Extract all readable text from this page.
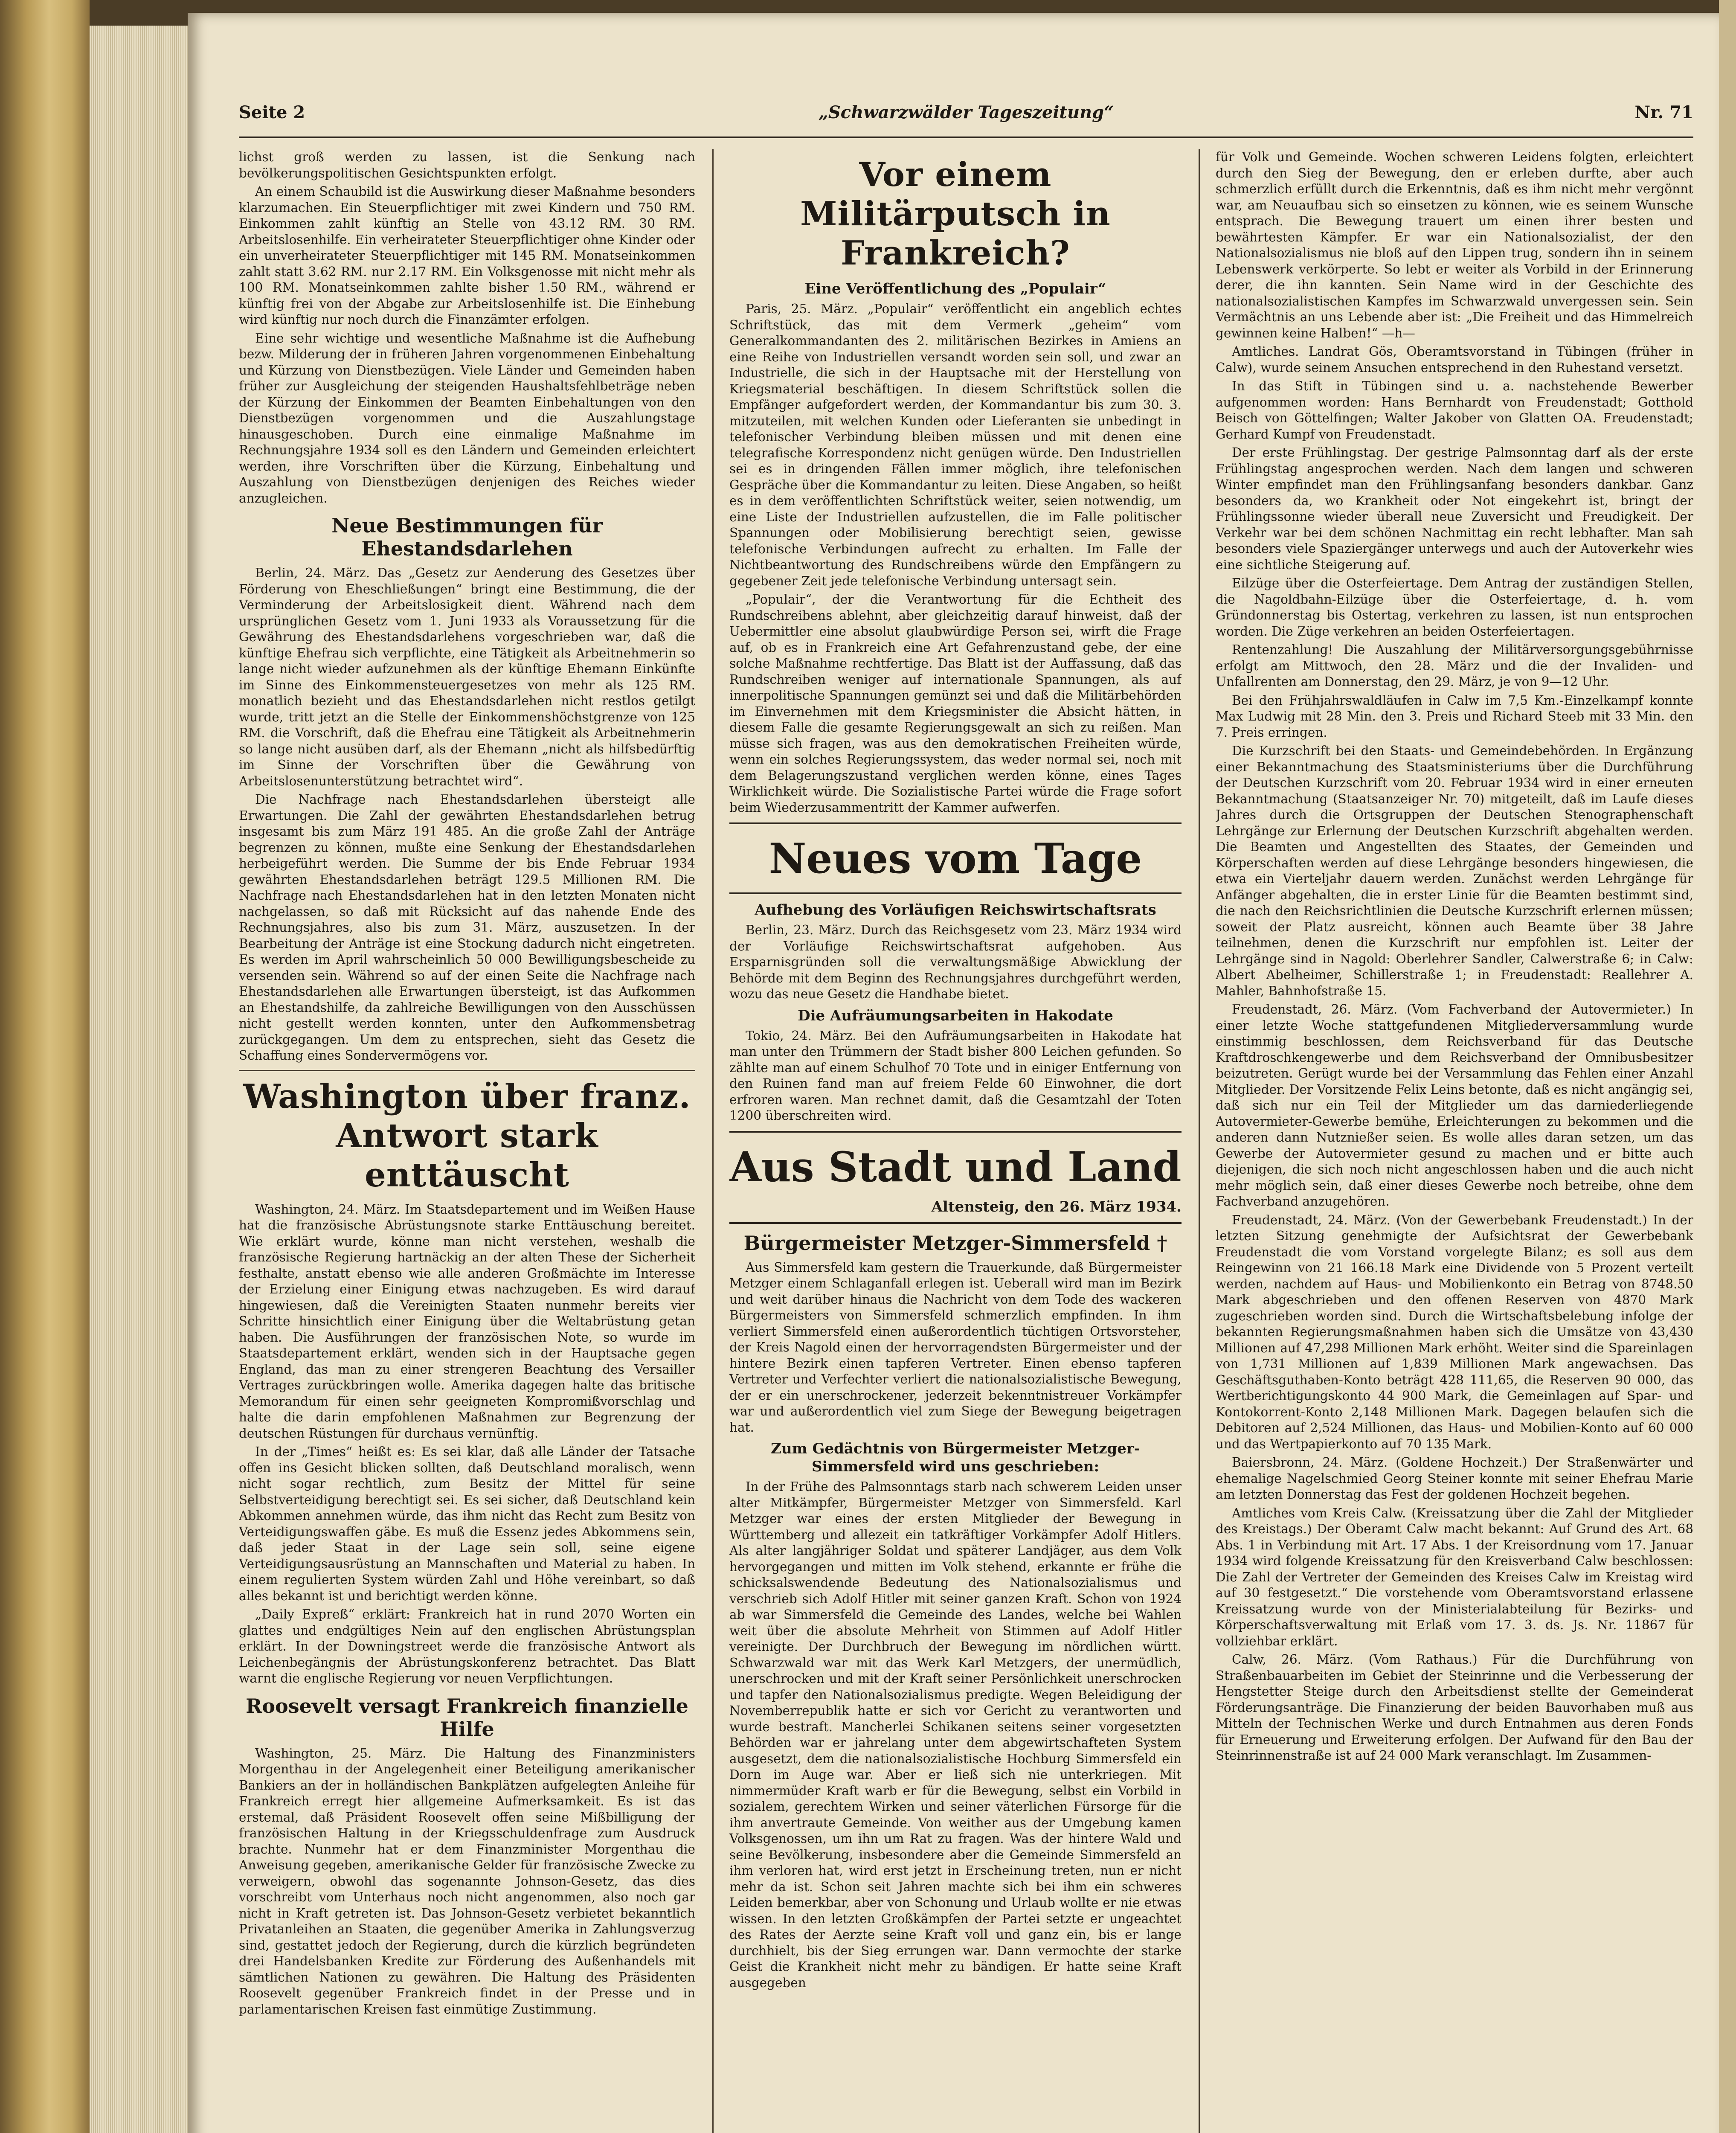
Seite 2	„Schwarzwälder Tageszeitung“	Nr. 71

lichst groß werden zu lassen, ist die Senkung nach bevölkerungspolitischen Gesichtspunkten erfolgt.

An einem Schaubild ist die Auswirkung dieser Maßnahme besonders klarzumachen. Ein Steuerpflichtiger mit zwei Kindern und 750 RM. Einkommen zahlt künftig an Stelle von 43.12 RM. 30 RM. Arbeitslosenhilfe. Ein verheirateter Steuerpflichtiger ohne Kinder oder ein unverheirateter Steuerpflichtiger mit 145 RM. Monatseinkommen zahlt statt 3.62 RM. nur 2.17 RM. Ein Volksgenosse mit nicht mehr als 100 RM. Monatseinkommen zahlte bisher 1.50 RM., während er künftig frei von der Abgabe zur Arbeitslosenhilfe ist. Die Einhebung wird künftig nur noch durch die Finanzämter erfolgen.

Eine sehr wichtige und wesentliche Maßnahme ist die Aufhebung bezw. Milderung der in früheren Jahren vorgenommenen Einbehaltung und Kürzung von Dienstbezügen. Viele Länder und Gemeinden haben früher zur Ausgleichung der steigenden Haushaltsfehlbeträge neben der Kürzung der Einkommen der Beamten Einbehaltungen von den Dienstbezügen vorgenommen und die Auszahlungstage hinausgeschoben. Durch eine einmalige Maßnahme im Rechnungsjahre 1934 soll es den Ländern und Gemeinden erleichtert werden, ihre Vorschriften über die Kürzung, Einbehaltung und Auszahlung von Dienstbezügen denjenigen des Reiches wieder anzugleichen.

Neue Bestimmungen für Ehestandsdarlehen

Berlin, 24. März. Das „Gesetz zur Aenderung des Gesetzes über Förderung von Eheschließungen“ bringt eine Bestimmung, die der Verminderung der Arbeitslosigkeit dient. Während nach dem ursprünglichen Gesetz vom 1. Juni 1933 als Voraussetzung für die Gewährung des Ehestandsdarlehens vorgeschrieben war, daß die künftige Ehefrau sich verpflichte, eine Tätigkeit als Arbeitnehmerin so lange nicht wieder aufzunehmen als der künftige Ehemann Einkünfte im Sinne des Einkommensteuergesetzes von mehr als 125 RM. monatlich bezieht und das Ehestandsdarlehen nicht restlos getilgt wurde, tritt jetzt an die Stelle der Einkommenshöchstgrenze von 125 RM. die Vorschrift, daß die Ehefrau eine Tätigkeit als Arbeitnehmerin so lange nicht ausüben darf, als der Ehemann „nicht als hilfsbedürftig im Sinne der Vorschriften über die Gewährung von Arbeitslosenunterstützung betrachtet wird“.

Die Nachfrage nach Ehestandsdarlehen übersteigt alle Erwartungen. Die Zahl der gewährten Ehestandsdarlehen betrug insgesamt bis zum März 191 485. An die große Zahl der Anträge begrenzen zu können, mußte eine Senkung der Ehestandsdarlehen herbeigeführt werden. Die Summe der bis Ende Februar 1934 gewährten Ehestandsdarlehen beträgt 129.5 Millionen RM. Die Nachfrage nach Ehestandsdarlehen hat in den letzten Monaten nicht nachgelassen, so daß mit Rücksicht auf das nahende Ende des Rechnungsjahres, also bis zum 31. März, auszusetzen. In der Bearbeitung der Anträge ist eine Stockung dadurch nicht eingetreten. Es werden im April wahrscheinlich 50 000 Bewilligungsbescheide zu versenden sein. Während so auf der einen Seite die Nachfrage nach Ehestandsdarlehen alle Erwartungen übersteigt, ist das Aufkommen an Ehestandshilfe, da zahlreiche Bewilligungen von den Ausschüssen nicht gestellt werden konnten, unter den Aufkommensbetrag zurückgegangen. Um dem zu entsprechen, sieht das Gesetz die Schaffung eines Sondervermögens vor.

Washington über franz. Antwort stark enttäuscht

Washington, 24. März. Im Staatsdepartement und im Weißen Hause hat die französische Abrüstungsnote starke Enttäuschung bereitet. Wie erklärt wurde, könne man nicht verstehen, weshalb die französische Regierung hartnäckig an der alten These der Sicherheit festhalte, anstatt ebenso wie alle anderen Großmächte im Interesse der Erzielung einer Einigung etwas nachzugeben. Es wird darauf hingewiesen, daß die Vereinigten Staaten nunmehr bereits vier Schritte hinsichtlich einer Einigung über die Weltabrüstung getan haben. Die Ausführungen der französischen Note, so wurde im Staatsdepartement erklärt, wenden sich in der Hauptsache gegen England, das man zu einer strengeren Beachtung des Versailler Vertrages zurückbringen wolle. Amerika dagegen halte das britische Memorandum für einen sehr geeigneten Kompromißvorschlag und halte die darin empfohlenen Maßnahmen zur Begrenzung der deutschen Rüstungen für durchaus vernünftig.

In der „Times“ heißt es: Es sei klar, daß alle Länder der Tatsache offen ins Gesicht blicken sollten, daß Deutschland moralisch, wenn nicht sogar rechtlich, zum Besitz der Mittel für seine Selbstverteidigung berechtigt sei. Es sei sicher, daß Deutschland kein Abkommen annehmen würde, das ihm nicht das Recht zum Besitz von Verteidigungswaffen gäbe. Es muß die Essenz jedes Abkommens sein, daß jeder Staat in der Lage sein soll, seine eigene Verteidigungsausrüstung an Mannschaften und Material zu haben. In einem regulierten System würden Zahl und Höhe vereinbart, so daß alles bekannt ist und berichtigt werden könne.

„Daily Expreß“ erklärt: Frankreich hat in rund 2070 Worten ein glattes und endgültiges Nein auf den englischen Abrüstungsplan erklärt. In der Downingstreet werde die französische Antwort als Leichenbegängnis der Abrüstungskonferenz betrachtet. Das Blatt warnt die englische Regierung vor neuen Verpflichtungen.

Roosevelt versagt Frankreich finanzielle Hilfe

Washington, 25. März. Die Haltung des Finanzministers Morgenthau in der Angelegenheit einer Beteiligung amerikanischer Bankiers an der in holländischen Bankplätzen aufgelegten Anleihe für Frankreich erregt hier allgemeine Aufmerksamkeit. Es ist das erstemal, daß Präsident Roosevelt offen seine Mißbilligung der französischen Haltung in der Kriegsschuldenfrage zum Ausdruck brachte. Nunmehr hat er dem Finanzminister Morgenthau die Anweisung gegeben, amerikanische Gelder für französische Zwecke zu verweigern, obwohl das sogenannte Johnson-Gesetz, das dies vorschreibt vom Unterhaus noch nicht angenommen, also noch gar nicht in Kraft getreten ist. Das Johnson-Gesetz verbietet bekanntlich Privatanleihen an Staaten, die gegenüber Amerika in Zahlungsverzug sind, gestattet jedoch der Regierung, durch die kürzlich begründeten drei Handelsbanken Kredite zur Förderung des Außenhandels mit sämtlichen Nationen zu gewähren. Die Haltung des Präsidenten Roosevelt gegenüber Frankreich findet in der Presse und in parlamentarischen Kreisen fast einmütige Zustimmung.

Vor einem Militärputsch in Frankreich?
Eine Veröffentlichung des „Populair“

Paris, 25. März. „Populair“ veröffentlicht ein angeblich echtes Schriftstück, das mit dem Vermerk „geheim“ vom Generalkommandanten des 2. militärischen Bezirkes in Amiens an eine Reihe von Industriellen versandt worden sein soll, und zwar an Industrielle, die sich in der Hauptsache mit der Herstellung von Kriegsmaterial beschäftigen. In diesem Schriftstück sollen die Empfänger aufgefordert werden, der Kommandantur bis zum 30. 3. mitzuteilen, mit welchen Kunden oder Lieferanten sie unbedingt in telefonischer Verbindung bleiben müssen und mit denen eine telegrafische Korrespondenz nicht genügen würde. Den Industriellen sei es in dringenden Fällen immer möglich, ihre telefonischen Gespräche über die Kommandantur zu leiten. Diese Angaben, so heißt es in dem veröffentlichten Schriftstück weiter, seien notwendig, um eine Liste der Industriellen aufzustellen, die im Falle politischer Spannungen oder Mobilisierung berechtigt seien, gewisse telefonische Verbindungen aufrecht zu erhalten. Im Falle der Nichtbeantwortung des Rundschreibens würde den Empfängern zu gegebener Zeit jede telefonische Verbindung untersagt sein.

„Populair“, der die Verantwortung für die Echtheit des Rundschreibens ablehnt, aber gleichzeitig darauf hinweist, daß der Uebermittler eine absolut glaubwürdige Person sei, wirft die Frage auf, ob es in Frankreich eine Art Gefahrenzustand gebe, der eine solche Maßnahme rechtfertige. Das Blatt ist der Auffassung, daß das Rundschreiben weniger auf internationale Spannungen, als auf innerpolitische Spannungen gemünzt sei und daß die Militärbehörden im Einvernehmen mit dem Kriegsminister die Absicht hätten, in diesem Falle die gesamte Regierungsgewalt an sich zu reißen. Man müsse sich fragen, was aus den demokratischen Freiheiten würde, wenn ein solches Regierungssystem, das weder normal sei, noch mit dem Belagerungszustand verglichen werden könne, eines Tages Wirklichkeit würde. Die Sozialistische Partei würde die Frage sofort beim Wiederzusammentritt der Kammer aufwerfen.

Neues vom Tage
Aufhebung des Vorläufigen Reichswirtschaftsrats

Berlin, 23. März. Durch das Reichsgesetz vom 23. März 1934 wird der Vorläufige Reichswirtschaftsrat aufgehoben. Aus Ersparnisgründen soll die verwaltungsmäßige Abwicklung der Behörde mit dem Beginn des Rechnungsjahres durchgeführt werden, wozu das neue Gesetz die Handhabe bietet.

Die Aufräumungsarbeiten in Hakodate

Tokio, 24. März. Bei den Aufräumungsarbeiten in Hakodate hat man unter den Trümmern der Stadt bisher 800 Leichen gefunden. So zählte man auf einem Schulhof 70 Tote und in einiger Entfernung von den Ruinen fand man auf freiem Felde 60 Einwohner, die dort erfroren waren. Man rechnet damit, daß die Gesamtzahl der Toten 1200 überschreiten wird.

Aus Stadt und Land
Altensteig, den 26. März 1934.
Bürgermeister Metzger-Simmersfeld †

Aus Simmersfeld kam gestern die Trauerkunde, daß Bürgermeister Metzger einem Schlaganfall erlegen ist. Ueberall wird man im Bezirk und weit darüber hinaus die Nachricht von dem Tode des wackeren Bürgermeisters von Simmersfeld schmerzlich empfinden. In ihm verliert Simmersfeld einen außerordentlich tüchtigen Ortsvorsteher, der Kreis Nagold einen der hervorragendsten Bürgermeister und der hintere Bezirk einen tapferen Vertreter. Einen ebenso tapferen Vertreter und Verfechter verliert die nationalsozialistische Bewegung, der er ein unerschrockener, jederzeit bekenntnistreuer Vorkämpfer war und außerordentlich viel zum Siege der Bewegung beigetragen hat.

Zum Gedächtnis von Bürgermeister Metzger-Simmersfeld wird uns geschrieben:

In der Frühe des Palmsonntags starb nach schwerem Leiden unser alter Mitkämpfer, Bürgermeister Metzger von Simmersfeld. Karl Metzger war eines der ersten Mitglieder der Bewegung in Württemberg und allezeit ein tatkräftiger Vorkämpfer Adolf Hitlers. Als alter langjähriger Soldat und späterer Landjäger, aus dem Volk hervorgegangen und mitten im Volk stehend, erkannte er frühe die schicksalswendende Bedeutung des Nationalsozialismus und verschrieb sich Adolf Hitler mit seiner ganzen Kraft. Schon von 1924 ab war Simmersfeld die Gemeinde des Landes, welche bei Wahlen weit über die absolute Mehrheit von Stimmen auf Adolf Hitler vereinigte. Der Durchbruch der Bewegung im nördlichen württ. Schwarzwald war mit das Werk Karl Metzgers, der unermüdlich, unerschrocken und mit der Kraft seiner Persönlichkeit unerschrocken und tapfer den Nationalsozialismus predigte. Wegen Beleidigung der Novemberrepublik hatte er sich vor Gericht zu verantworten und wurde bestraft. Mancherlei Schikanen seitens seiner vorgesetzten Behörden war er jahrelang unter dem abgewirtschafteten System ausgesetzt, dem die nationalsozialistische Hochburg Simmersfeld ein Dorn im Auge war. Aber er ließ sich nie unterkriegen. Mit nimmermüder Kraft warb er für die Bewegung, selbst ein Vorbild in sozialem, gerechtem Wirken und seiner väterlichen Fürsorge für die ihm anvertraute Gemeinde. Von weither aus der Umgebung kamen Volksgenossen, um ihn um Rat zu fragen. Was der hintere Wald und seine Bevölkerung, insbesondere aber die Gemeinde Simmersfeld an ihm verloren hat, wird erst jetzt in Erscheinung treten, nun er nicht mehr da ist. Schon seit Jahren machte sich bei ihm ein schweres Leiden bemerkbar, aber von Schonung und Urlaub wollte er nie etwas wissen. In den letzten Großkämpfen der Partei setzte er ungeachtet des Rates der Aerzte seine Kraft voll und ganz ein, bis er lange durchhielt, bis der Sieg errungen war. Dann vermochte der starke Geist die Krankheit nicht mehr zu bändigen. Er hatte seine Kraft ausgegeben

für Volk und Gemeinde. Wochen schweren Leidens folgten, erleichtert durch den Sieg der Bewegung, den er erleben durfte, aber auch schmerzlich erfüllt durch die Erkenntnis, daß es ihm nicht mehr vergönnt war, am Neuaufbau sich so einsetzen zu können, wie es seinem Wunsche entsprach. Die Bewegung trauert um einen ihrer besten und bewährtesten Kämpfer. Er war ein Nationalsozialist, der den Nationalsozialismus nie bloß auf den Lippen trug, sondern ihn in seinem Lebenswerk verkörperte. So lebt er weiter als Vorbild in der Erinnerung derer, die ihn kannten. Sein Name wird in der Geschichte des nationalsozialistischen Kampfes im Schwarzwald unvergessen sein. Sein Vermächtnis an uns Lebende aber ist: „Die Freiheit und das Himmelreich gewinnen keine Halben!“ —h—

Amtliches. Landrat Gös, Oberamtsvorstand in Tübingen (früher in Calw), wurde seinem Ansuchen entsprechend in den Ruhestand versetzt.

In das Stift in Tübingen sind u. a. nachstehende Bewerber aufgenommen worden: Hans Bernhardt von Freudenstadt; Gotthold Beisch von Göttelfingen; Walter Jakober von Glatten OA. Freudenstadt; Gerhard Kumpf von Freudenstadt.

Der erste Frühlingstag. Der gestrige Palmsonntag darf als der erste Frühlingstag angesprochen werden. Nach dem langen und schweren Winter empfindet man den Frühlingsanfang besonders dankbar. Ganz besonders da, wo Krankheit oder Not eingekehrt ist, bringt der Frühlingssonne wieder überall neue Zuversicht und Freudigkeit. Der Verkehr war bei dem schönen Nachmittag ein recht lebhafter. Man sah besonders viele Spaziergänger unterwegs und auch der Autoverkehr wies eine sichtliche Steigerung auf.

Eilzüge über die Osterfeiertage. Dem Antrag der zuständigen Stellen, die Nagoldbahn-Eilzüge über die Osterfeiertage, d. h. vom Gründonnerstag bis Ostertag, verkehren zu lassen, ist nun entsprochen worden. Die Züge verkehren an beiden Osterfeiertagen.

Rentenzahlung! Die Auszahlung der Militärversorgungsgebührnisse erfolgt am Mittwoch, den 28. März und die der Invaliden- und Unfallrenten am Donnerstag, den 29. März, je von 9—12 Uhr.

Bei den Frühjahrswaldläufen in Calw im 7,5 Km.-Einzelkampf konnte Max Ludwig mit 28 Min. den 3. Preis und Richard Steeb mit 33 Min. den 7. Preis erringen.

Die Kurzschrift bei den Staats- und Gemeindebehörden. In Ergänzung einer Bekanntmachung des Staatsministeriums über die Durchführung der Deutschen Kurzschrift vom 20. Februar 1934 wird in einer erneuten Bekanntmachung (Staatsanzeiger Nr. 70) mitgeteilt, daß im Laufe dieses Jahres durch die Ortsgruppen der Deutschen Stenographenschaft Lehrgänge zur Erlernung der Deutschen Kurzschrift abgehalten werden. Die Beamten und Angestellten des Staates, der Gemeinden und Körperschaften werden auf diese Lehrgänge besonders hingewiesen, die etwa ein Vierteljahr dauern werden. Zunächst werden Lehrgänge für Anfänger abgehalten, die in erster Linie für die Beamten bestimmt sind, die nach den Reichsrichtlinien die Deutsche Kurzschrift erlernen müssen; soweit der Platz ausreicht, können auch Beamte über 38 Jahre teilnehmen, denen die Kurzschrift nur empfohlen ist. Leiter der Lehrgänge sind in Nagold: Oberlehrer Sandler, Calwerstraße 6; in Calw: Albert Abelheimer, Schillerstraße 1; in Freudenstadt: Reallehrer A. Mahler, Bahnhofstraße 15.

Freudenstadt, 26. März. (Vom Fachverband der Autovermieter.) In einer letzte Woche stattgefundenen Mitgliederversammlung wurde einstimmig beschlossen, dem Reichsverband für das Deutsche Kraftdroschkengewerbe und dem Reichsverband der Omnibusbesitzer beizutreten. Gerügt wurde bei der Versammlung das Fehlen einer Anzahl Mitglieder. Der Vorsitzende Felix Leins betonte, daß es nicht angängig sei, daß sich nur ein Teil der Mitglieder um das darniederliegende Autovermieter-Gewerbe bemühe, Erleichterungen zu bekommen und die anderen dann Nutznießer seien. Es wolle alles daran setzen, um das Gewerbe der Autovermieter gesund zu machen und er bitte auch diejenigen, die sich noch nicht angeschlossen haben und die auch nicht mehr möglich sein, daß einer dieses Gewerbe noch betreibe, ohne dem Fachverband anzugehören.

Freudenstadt, 24. März. (Von der Gewerbebank Freudenstadt.) In der letzten Sitzung genehmigte der Aufsichtsrat der Gewerbebank Freudenstadt die vom Vorstand vorgelegte Bilanz; es soll aus dem Reingewinn von 21 166.18 Mark eine Dividende von 5 Prozent verteilt werden, nachdem auf Haus- und Mobilienkonto ein Betrag von 8748.50 Mark abgeschrieben und den offenen Reserven von 4870 Mark zugeschrieben worden sind. Durch die Wirtschaftsbelebung infolge der bekannten Regierungsmaßnahmen haben sich die Umsätze von 43,430 Millionen auf 47,298 Millionen Mark erhöht. Weiter sind die Spareinlagen von 1,731 Millionen auf 1,839 Millionen Mark angewachsen. Das Geschäftsguthaben-Konto beträgt 428 111,65, die Reserven 90 000, das Wertberichtigungskonto 44 900 Mark, die Gemeinlagen auf Spar- und Kontokorrent-Konto 2,148 Millionen Mark. Dagegen belaufen sich die Debitoren auf 2,524 Millionen, das Haus- und Mobilien-Konto auf 60 000 und das Wertpapierkonto auf 70 135 Mark.

Baiersbronn, 24. März. (Goldene Hochzeit.) Der Straßenwärter und ehemalige Nagelschmied Georg Steiner konnte mit seiner Ehefrau Marie am letzten Donnerstag das Fest der goldenen Hochzeit begehen.

Amtliches vom Kreis Calw. (Kreissatzung über die Zahl der Mitglieder des Kreistags.) Der Oberamt Calw macht bekannt: Auf Grund des Art. 68 Abs. 1 in Verbindung mit Art. 17 Abs. 1 der Kreisordnung vom 17. Januar 1934 wird folgende Kreissatzung für den Kreisverband Calw beschlossen: Die Zahl der Vertreter der Gemeinden des Kreises Calw im Kreistag wird auf 30 festgesetzt.“ Die vorstehende vom Oberamtsvorstand erlassene Kreissatzung wurde von der Ministerialabteilung für Bezirks- und Körperschaftsverwaltung mit Erlaß vom 17. 3. ds. Js. Nr. 11867 für vollziehbar erklärt.

Calw, 26. März. (Vom Rathaus.) Für die Durchführung von Straßenbauarbeiten im Gebiet der Steinrinne und die Verbesserung der Hengstetter Steige durch den Arbeitsdienst stellte der Gemeinderat Förderungsanträge. Die Finanzierung der beiden Bauvorhaben muß aus Mitteln der Technischen Werke und durch Entnahmen aus deren Fonds für Erneuerung und Erweiterung erfolgen. Der Aufwand für den Bau der Steinrinnenstraße ist auf 24 000 Mark veranschlagt. Im Zusammen-
